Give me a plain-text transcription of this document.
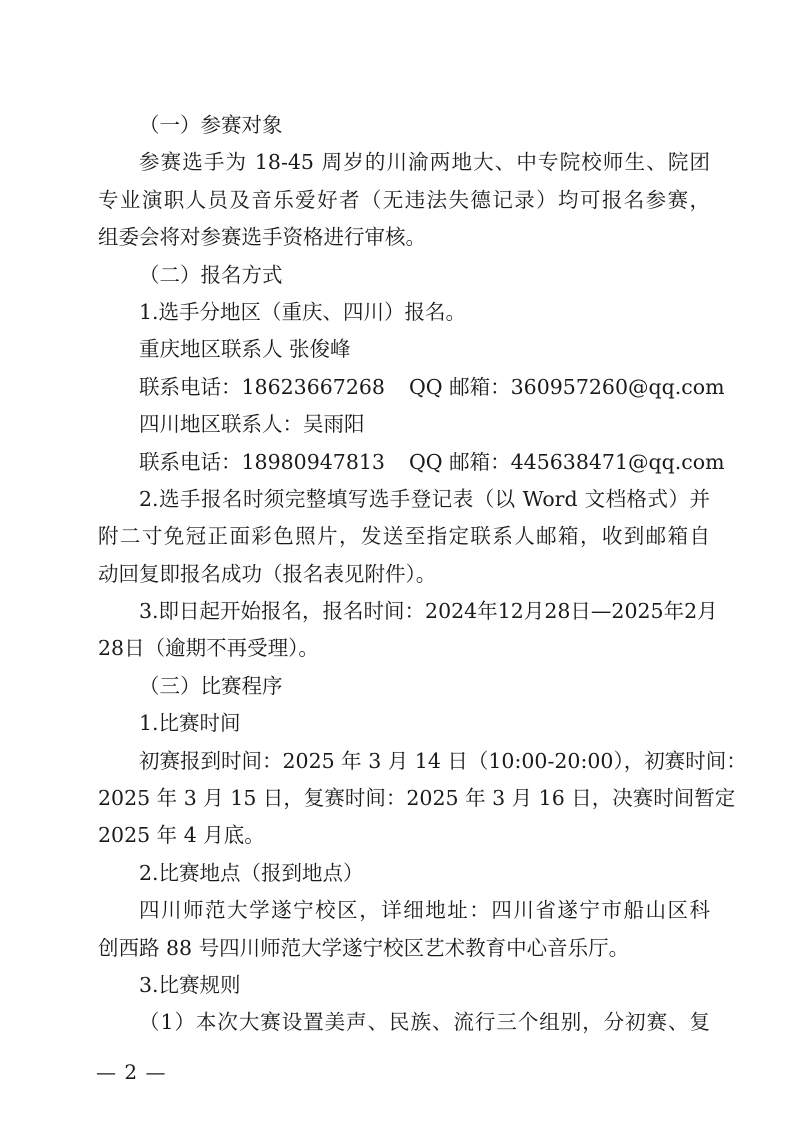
（一）参赛对象
参赛选手为 18-45 周岁的川渝两地大、中专院校师生、院团
专业演职人员及音乐爱好者（无违法失德记录）均可报名参赛，
组委会将对参赛选手资格进行审核。
（二）报名方式
1.选手分地区（重庆、四川）报名。
重庆地区联系人 张俊峰
联系电话：18623667268 QQ 邮箱：360957260@qq.com
四川地区联系人：吴雨阳
联系电话：18980947813 QQ 邮箱：445638471@qq.com
2.选手报名时须完整填写选手登记表（以 Word 文档格式）并
附二寸免冠正面彩色照片，发送至指定联系人邮箱，收到邮箱自
动回复即报名成功（报名表见附件）。
3.即日起开始报名，报名时间：2024年12月28日—2025年2月
28日（逾期不再受理）。
（三）比赛程序
1.比赛时间
初赛报到时间：2025 年 3 月 14 日（10:00-20:00），初赛时间：
2025 年 3 月 15 日，复赛时间：2025 年 3 月 16 日，决赛时间暂定
2025 年 4 月底。
2.比赛地点（报到地点）
四川师范大学遂宁校区，详细地址：四川省遂宁市船山区科
创西路 88 号四川师范大学遂宁校区艺术教育中心音乐厅。
3.比赛规则
（1）本次大赛设置美声、民族、流行三个组别，分初赛、复
— 2 —
